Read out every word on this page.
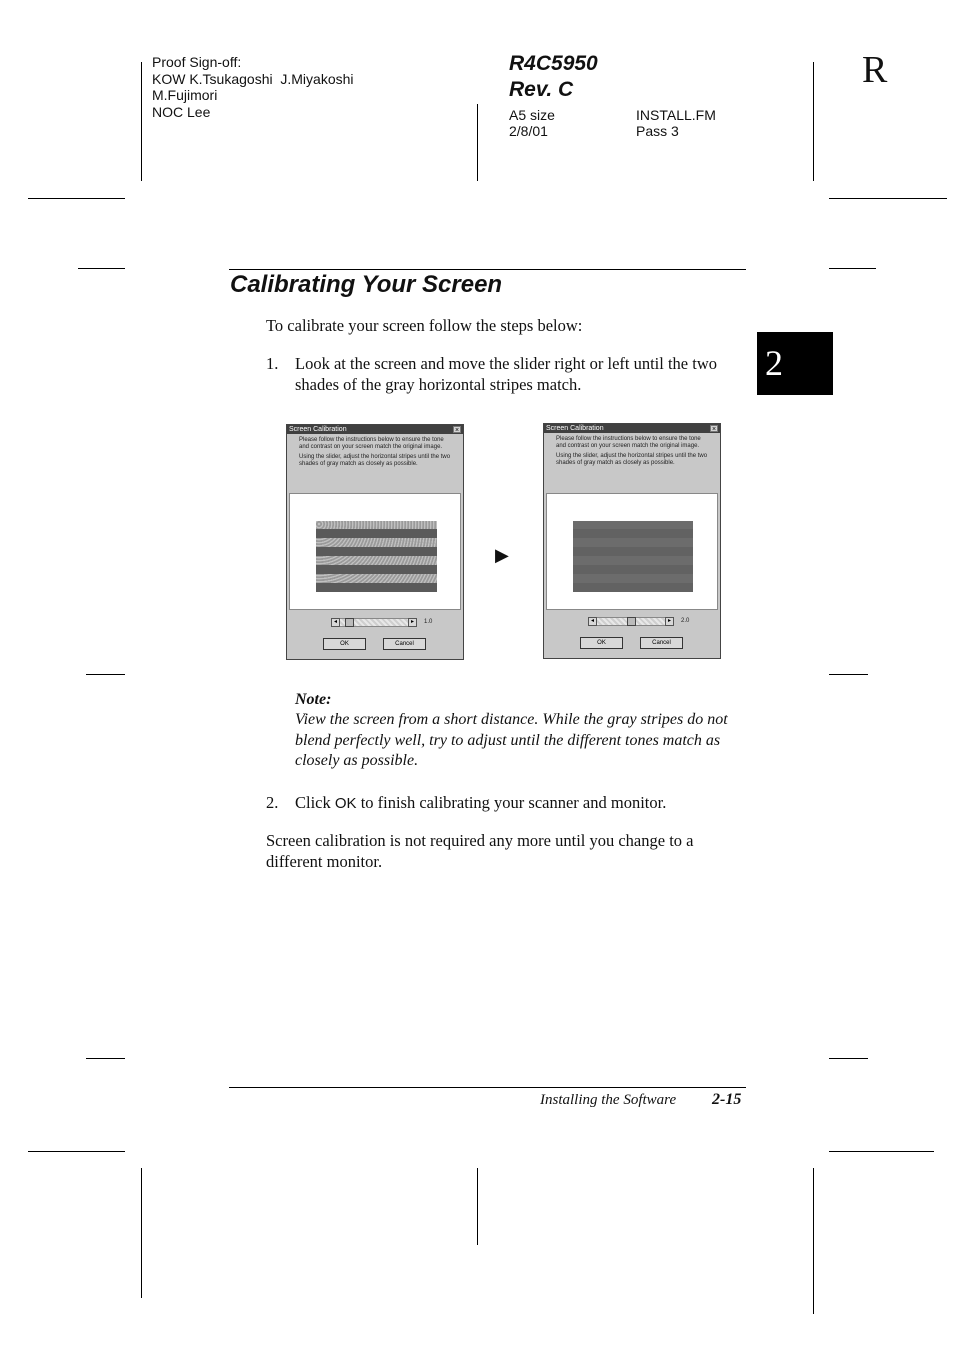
Proof Sign-off:
KOW K.Tsukagoshi  J.Miyakoshi
M.Fujimori
NOC Lee
R4C5950
Rev. C
A5 size
2/8/01
INSTALL.FM
Pass 3
R
2
Calibrating Your Screen
To calibrate your screen follow the steps below:
1. Look at the screen and move the slider right or left until the two shades of the gray horizontal stripes match.
Screen Calibration	×

Please follow the instructions below to ensure the tone and contrast on your screen match the original image.

Using the slider, adjust the horizontal stripes until the two shades of gray match as closely as possible.

◂	▸	1.0
OK	Cancel
▶
Screen Calibration	×

Please follow the instructions below to ensure the tone and contrast on your screen match the original image.

Using the slider, adjust the horizontal stripes until the two shades of gray match as closely as possible.

◂	▸	2.0
OK	Cancel
Note:
View the screen from a short distance. While the gray stripes do not blend perfectly well, try to adjust until the different tones match as closely as possible.
2. Click OK to finish calibrating your scanner and monitor.
Screen calibration is not required any more until you change to a different monitor.
Installing the Software 2-15
